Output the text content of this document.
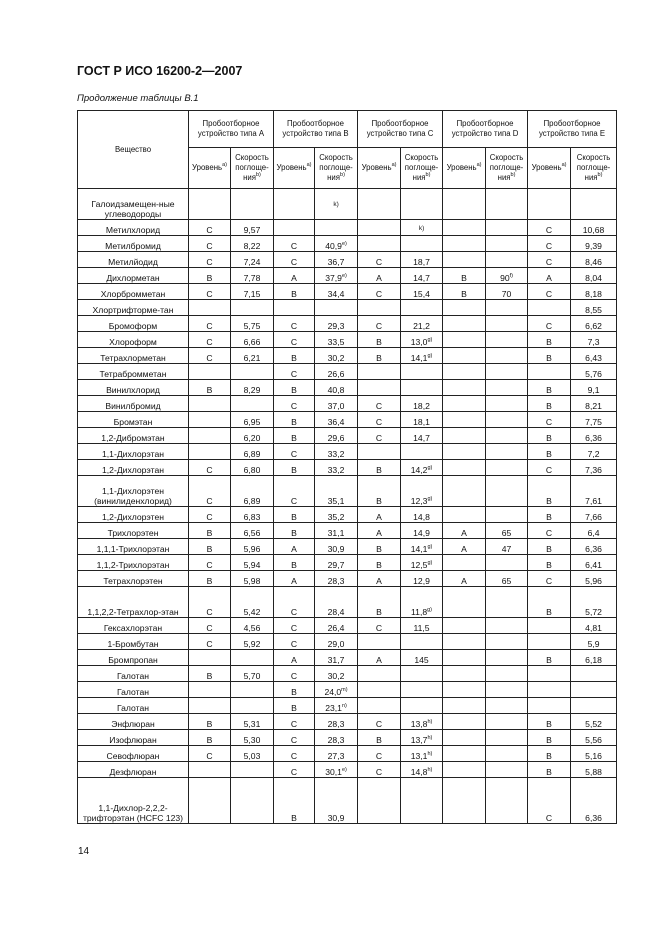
ГОСТ Р ИСО 16200-2—2007
Продолжение таблицы В.1
Вещество	Пробоотборное устройство типа А		Пробоотборное устройство типа В		Пробоотборное устройство типа С		Пробоотборное устройство типа D		Пробоотборное устройство типа Е	
	Уровень$^{a)}$	Скорость поглоще-ния$^{b)}$	Уровень$^{a)}$	Скорость поглоще-ния$^{b)}$	Уровень$^{a)}$	Скорость поглоще-ния$^{b)}$	Уровень$^{a)}$	Скорость поглоще-ния$^{b)}$	Уровень$^{a)}$	Скорость поглоще-ния$^{b)}$
Галоидзамещен-ные углеводороды				k)						
Метилхлорид	С	9,57				k)			С	10,68
Метилбромид	С	8,22	С	40,9$^{e)}$					С	9,39
Метилйодид	С	7,24	С	36,7	С	18,7			С	8,46
Дихлорметан	В	7,78	А	37,9$^{e)}$	А	14,7	В	90$^{f)}$	А	8,04
Хлорбромметан	С	7,15	В	34,4	С	15,4	В	70	С	8,18
Хлортрифторме-тан										8,55
Бромоформ	С	5,75	С	29,3	С	21,2			С	6,62
Хлороформ	С	6,66	С	33,5	В	13,0$^{g)}$			В	7,3
Тетрахлорметан	С	6,21	В	30,2	В	14,1$^{g)}$			В	6,43
Тетрабромметан			С	26,6						5,76
Винилхлорид	В	8,29	В	40,8					В	9,1
Винилбромид			С	37,0	С	18,2			В	8,21
Бромэтан		6,95	В	36,4	С	18,1			С	7,75
1,2-Дибромэтан		6,20	В	29,6	С	14,7			В	6,36
1,1-Дихлорэтан		6,89	С	33,2					В	7,2
1,2-Дихлорэтан	С	6,80	В	33,2	В	14,2$^{g)}$			С	7,36
1,1-Дихлорэтен (винилиденхлорид)	С	6,89	С	35,1	В	12,3$^{g)}$			В	7,61
1,2-Дихлорэтен	С	6,83	В	35,2	А	14,8			В	7,66
Трихлорэтен	В	6,56	В	31,1	А	14,9	А	65	С	6,4
1,1,1-Трихлорэтан	В	5,96	А	30,9	В	14,1$^{g)}$	А	47	В	6,36
1,1,2-Трихлорэтан	С	5,94	В	29,7	В	12,5$^{g)}$			В	6,41
Тетрахлорэтен	В	5,98	А	28,3	А	12,9	А	65	С	5,96
1,1,2,2-Тетрахлор-этан	С	5,42	С	28,4	В	11,8$^{g)}$			В	5,72
Гексахлорэтан	С	4,56	С	26,4	С	11,5				4,81
1-Бромбутан	С	5,92	С	29,0						5,9
Бромпропан			А	31,7	А	145			В	6,18
Галотан	В	5,70	С	30,2						
Галотан			В	24,0$^{m)}$						
Галотан			В	23,1$^{n)}$						
Энфлюран	В	5,31	С	28,3	С	13,8$^{h)}$			В	5,52
Изофлюран	В	5,30	С	28,3	В	13,7$^{h)}$			В	5,56
Севофлюран	С	5,03	С	27,3	С	13,1$^{h)}$			В	5,16
Дезфлюран			С	30,1$^{e)}$	С	14,8$^{h)}$			В	5,88
1,1-Дихлор-2,2,2-трифторэтан (HCFC 123)			В	30,9					С	6,36
14
